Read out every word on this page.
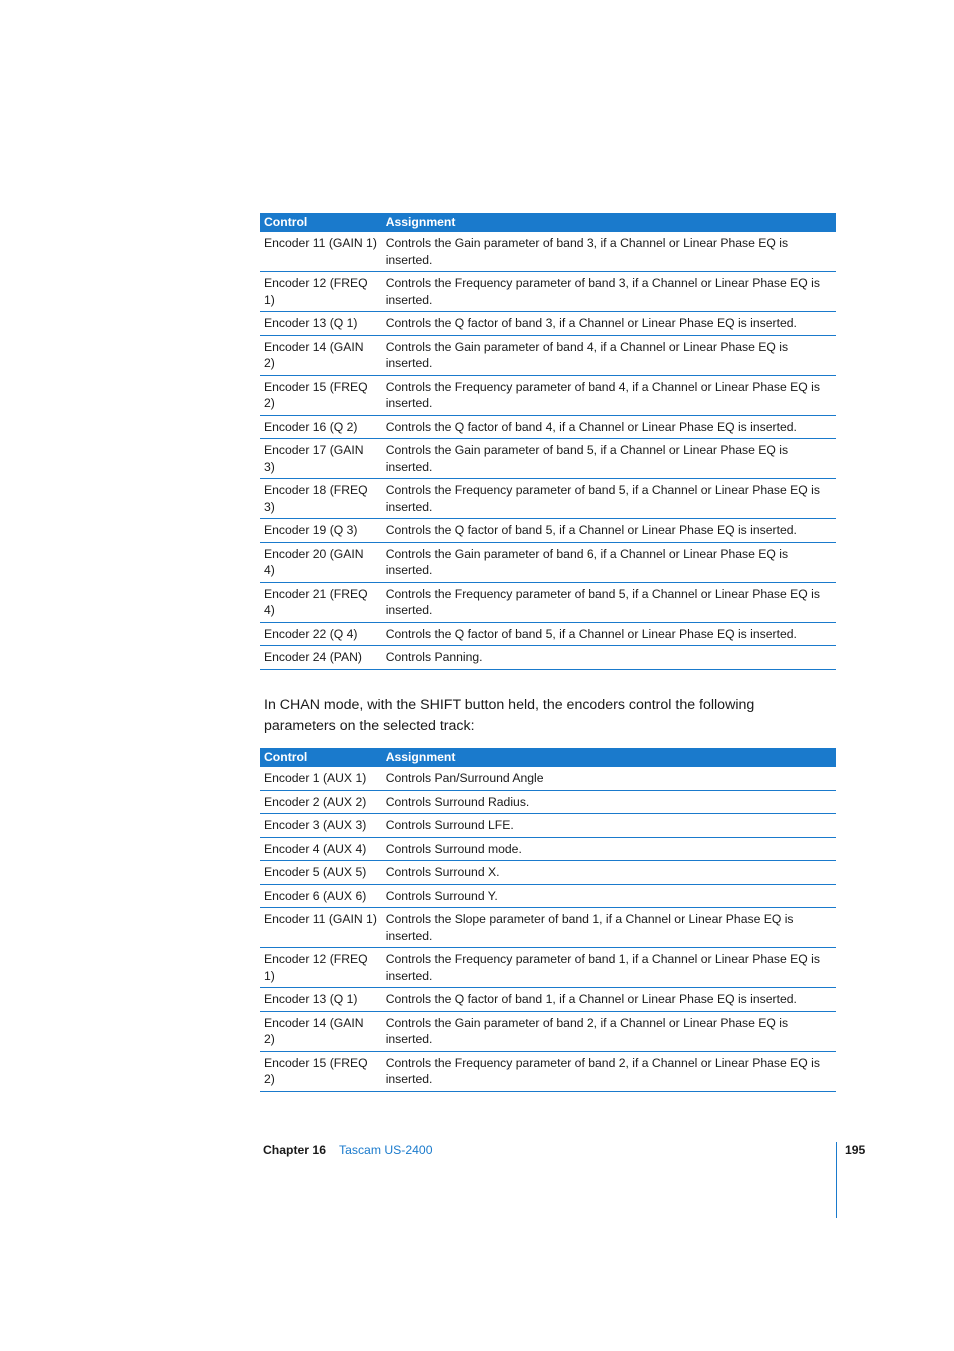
Control	Assignment
Encoder 11 (GAIN 1)	Controls the Gain parameter of band 3, if a Channel or Linear Phase EQ is inserted.
Encoder 12 (FREQ 1)	Controls the Frequency parameter of band 3, if a Channel or Linear Phase EQ is inserted.
Encoder 13 (Q 1)	Controls the Q factor of band 3, if a Channel or Linear Phase EQ is inserted.
Encoder 14 (GAIN 2)	Controls the Gain parameter of band 4, if a Channel or Linear Phase EQ is inserted.
Encoder 15 (FREQ 2)	Controls the Frequency parameter of band 4, if a Channel or Linear Phase EQ is inserted.
Encoder 16 (Q 2)	Controls the Q factor of band 4, if a Channel or Linear Phase EQ is inserted.
Encoder 17 (GAIN 3)	Controls the Gain parameter of band 5, if a Channel or Linear Phase EQ is inserted.
Encoder 18 (FREQ 3)	Controls the Frequency parameter of band 5, if a Channel or Linear Phase EQ is inserted.
Encoder 19 (Q 3)	Controls the Q factor of band 5, if a Channel or Linear Phase EQ is inserted.
Encoder 20 (GAIN 4)	Controls the Gain parameter of band 6, if a Channel or Linear Phase EQ is inserted.
Encoder 21 (FREQ 4)	Controls the Frequency parameter of band 5, if a Channel or Linear Phase EQ is inserted.
Encoder 22 (Q 4)	Controls the Q factor of band 5, if a Channel or Linear Phase EQ is inserted.
Encoder 24 (PAN)	Controls Panning.

In CHAN mode, with the SHIFT button held, the encoders control the following parameters on the selected track:

Control	Assignment
Encoder 1 (AUX 1)	Controls Pan/Surround Angle
Encoder 2 (AUX 2)	Controls Surround Radius.
Encoder 3 (AUX 3)	Controls Surround LFE.
Encoder 4 (AUX 4)	Controls Surround mode.
Encoder 5 (AUX 5)	Controls Surround X.
Encoder 6 (AUX 6)	Controls Surround Y.
Encoder 11 (GAIN 1)	Controls the Slope parameter of band 1, if a Channel or Linear Phase EQ is inserted.
Encoder 12 (FREQ 1)	Controls the Frequency parameter of band 1, if a Channel or Linear Phase EQ is inserted.
Encoder 13 (Q 1)	Controls the Q factor of band 1, if a Channel or Linear Phase EQ is inserted.
Encoder 14 (GAIN 2)	Controls the Gain parameter of band 2, if a Channel or Linear Phase EQ is inserted.
Encoder 15 (FREQ 2)	Controls the Frequency parameter of band 2, if a Channel or Linear Phase EQ is inserted.
Chapter 16 Tascam US-2400	195
